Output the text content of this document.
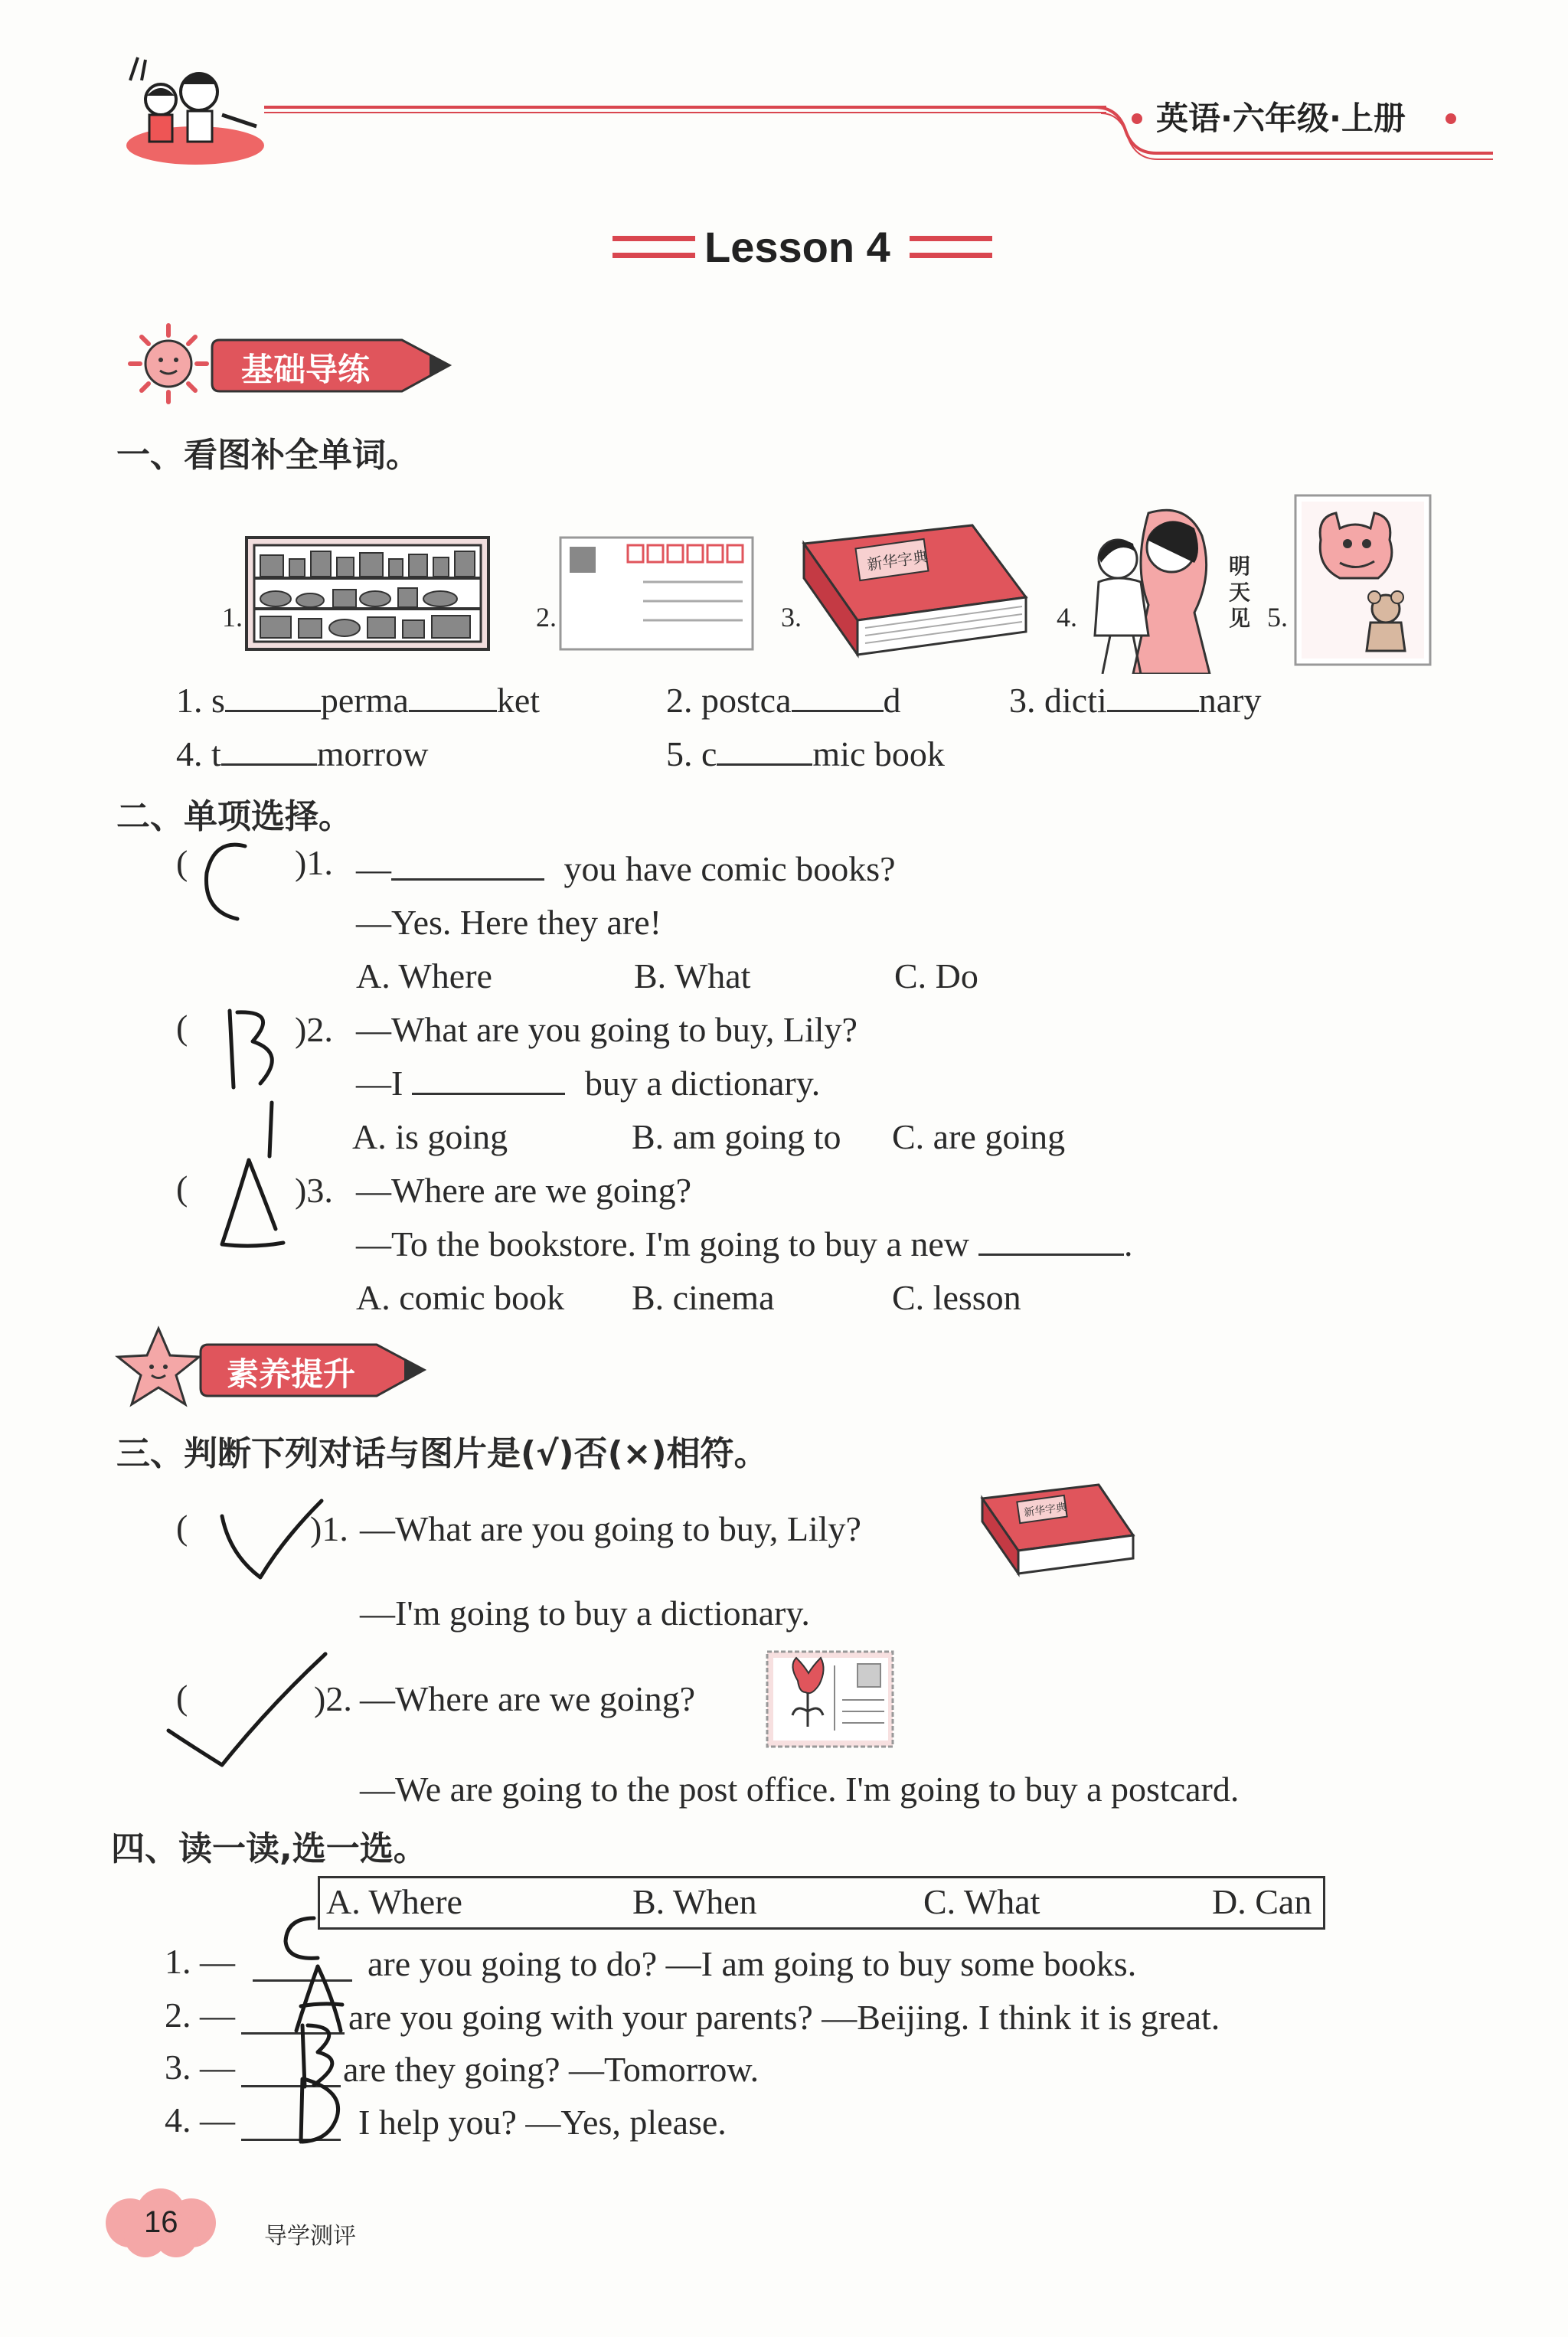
英语·六年级·上册
Lesson 4
基础导练
一、看图补全单词。
1.	2.	3.
新华字典
4.
明
天
见 5.
1. s	perma	ket	2. postca	d	3. dicti	nary
4. t	morrow	5. c	mic book
二、单项选择。
(	)1. —	you have comic books?
—Yes. Here they are!
A. Where	B. What	C. Do
(	)2. —What are you going to buy, Lily?
—I	buy a dictionary.
A. is going	B. am going to C. are going
(	)3. —Where are we going?
—To the bookstore. I'm going to buy a new	.
A. comic book B. cinema	C. lesson
素养提升
三、判断下列对话与图片是(√)否(×)相符。
(	)1. —What are you going to buy, Lily?
—I'm going to buy a dictionary.
新华字典
(	)2. —Where are we going?
—We are going to the post office. I'm going to buy a postcard.
四、读一读,选一选。
A. Where	B. When	C. What	D. Can
1. —	are you going to do? —I am going to buy some books.
2. —	are you going with your parents? —Beijing. I think it is great.
3. —	are they going? —Tomorrow.
4. —	I help you? —Yes, please.
16	导学测评
